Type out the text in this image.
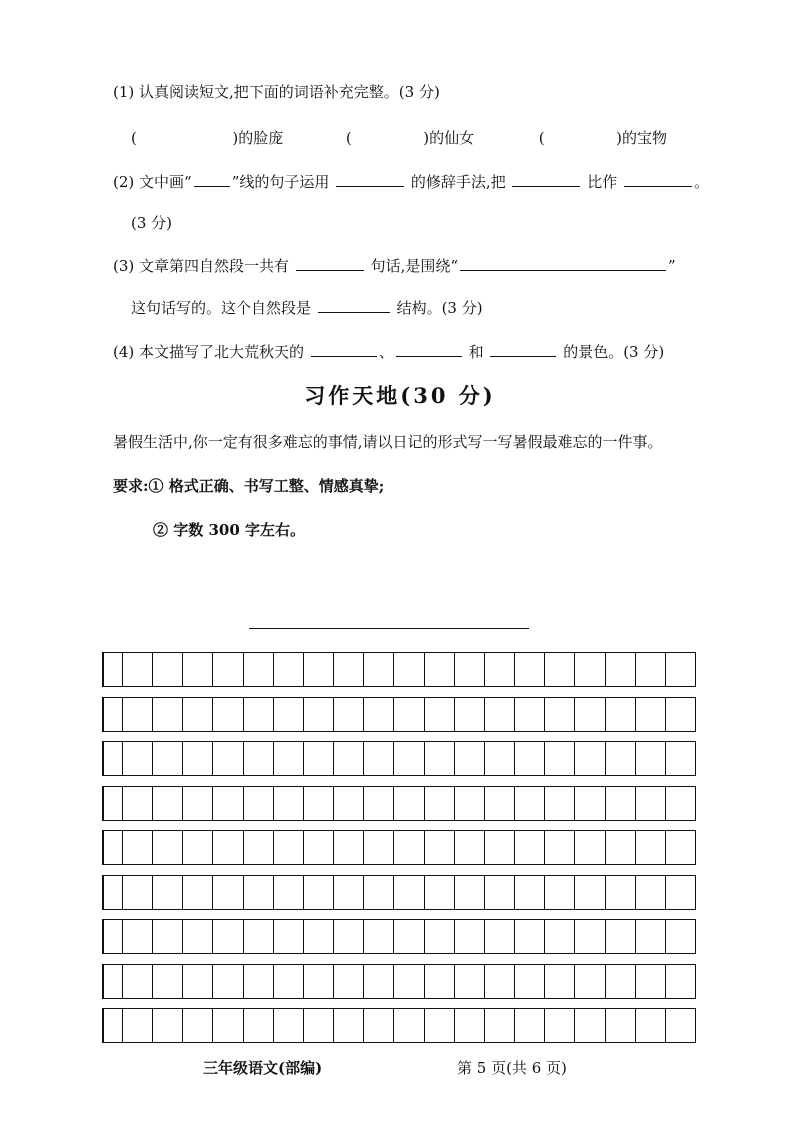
(1) 认真阅读短文,把下面的词语补充完整。(3 分)
(	)的脸庞	(	)的仙女	(	)的宝物
(2) 文中画“	”线的句子运用	的修辞手法,把	比作	。
(3 分)
(3) 文章第四自然段一共有	句话,是围绕“	”
这句话写的。这个自然段是	结构。(3 分)
(4) 本文描写了北大荒秋天的	、	和	的景色。(3 分)
习作天地(30 分)
暑假生活中,你一定有很多难忘的事情,请以日记的形式写一写暑假最难忘的一件事。
要求:① 格式正确、书写工整、情感真挚;
② 字数 300 字左右。
三年级语文(部编)	第 5 页(共 6 页)
